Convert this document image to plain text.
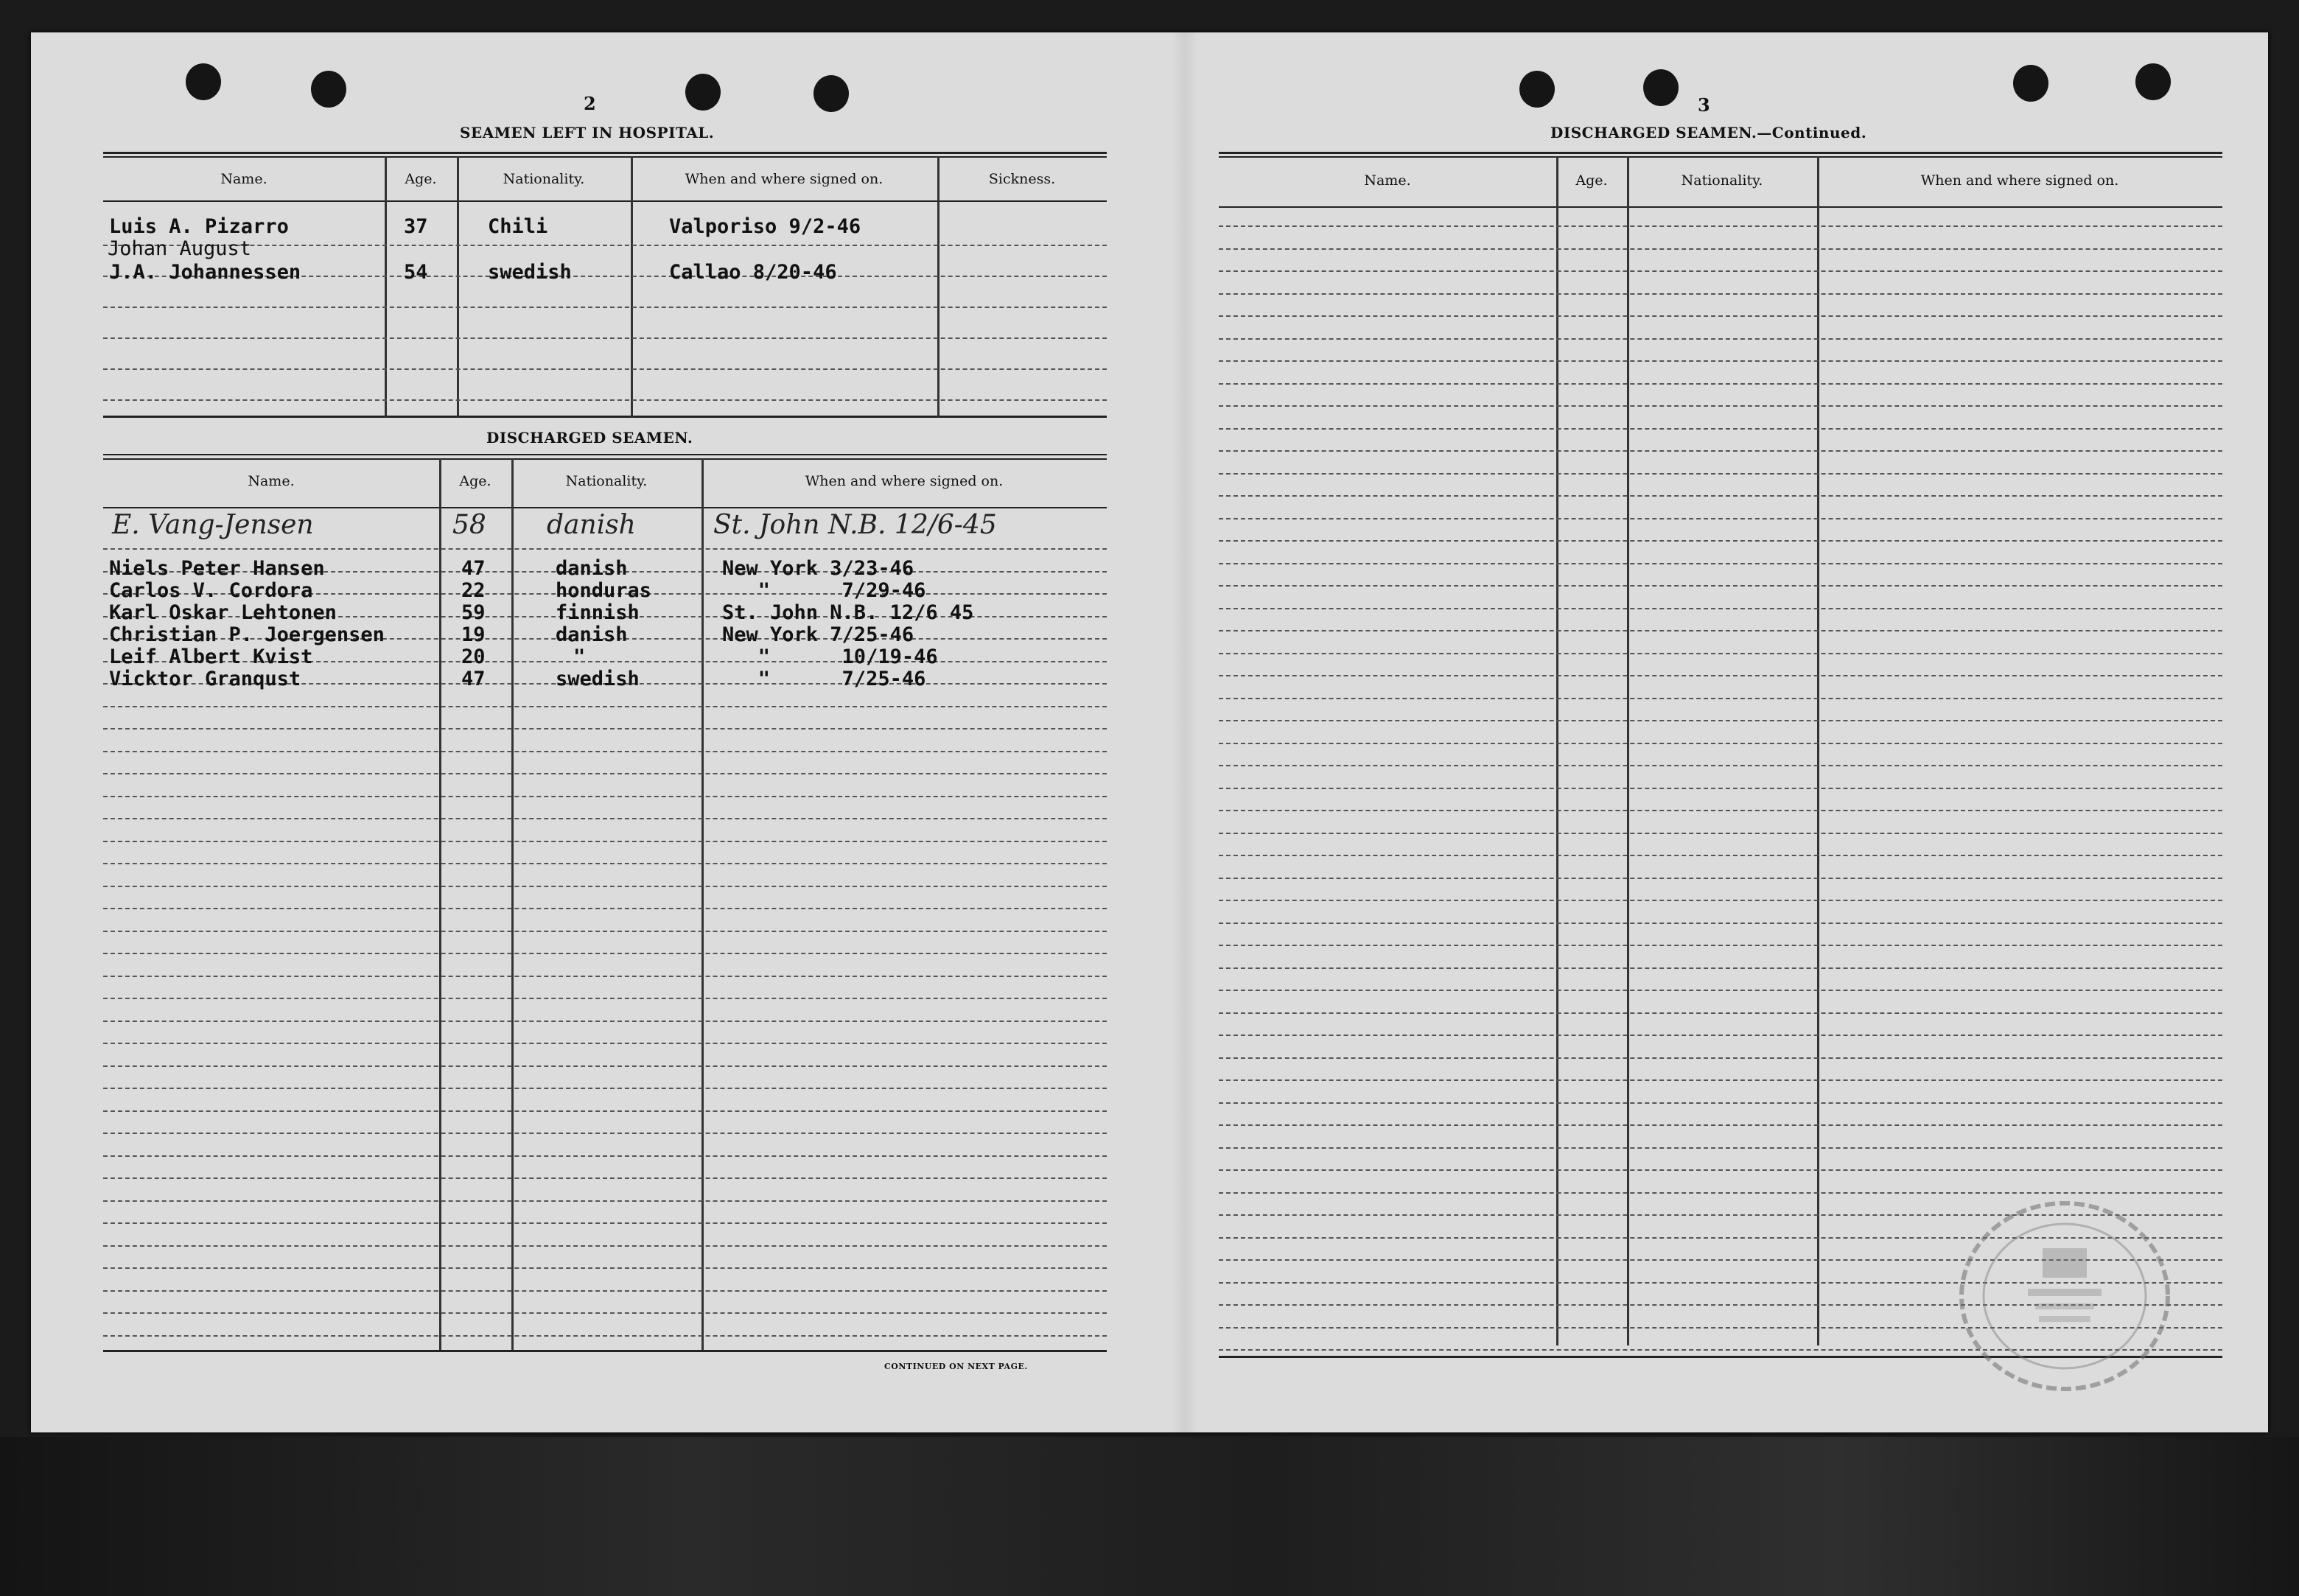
2
SEAMEN LEFT IN HOSPITAL.
Name.	Age.	Nationality.	When and where signed on.	Sickness.
Luis A. Pizarro	37	Chili	Valporiso 9/2-46
Johan August
J.A. Johannessen	54	swedish	Callao 8/20-46
DISCHARGED SEAMEN.
Name.	Age.	Nationality.	When and where signed on.
E. Vang-Jensen	58 danish	St. John N.B. 12/6-45
Niels Peter Hansen	47	danish	New York 3/23-46
Carlos V. Cordora	22	honduras	"      7/29-46
Karl Oskar Lehtonen	59	finnish	St. John N.B. 12/6 45
Christian P. Joergensen	19	danish	New York 7/25-46
Leif Albert Kvist	20	"	"      10/19-46
Vicktor Granqust	47	swedish	"      7/25-46
CONTINUED ON NEXT PAGE.
3
DISCHARGED SEAMEN.—Continued.
Name.	Age.	Nationality.	When and where signed on.
